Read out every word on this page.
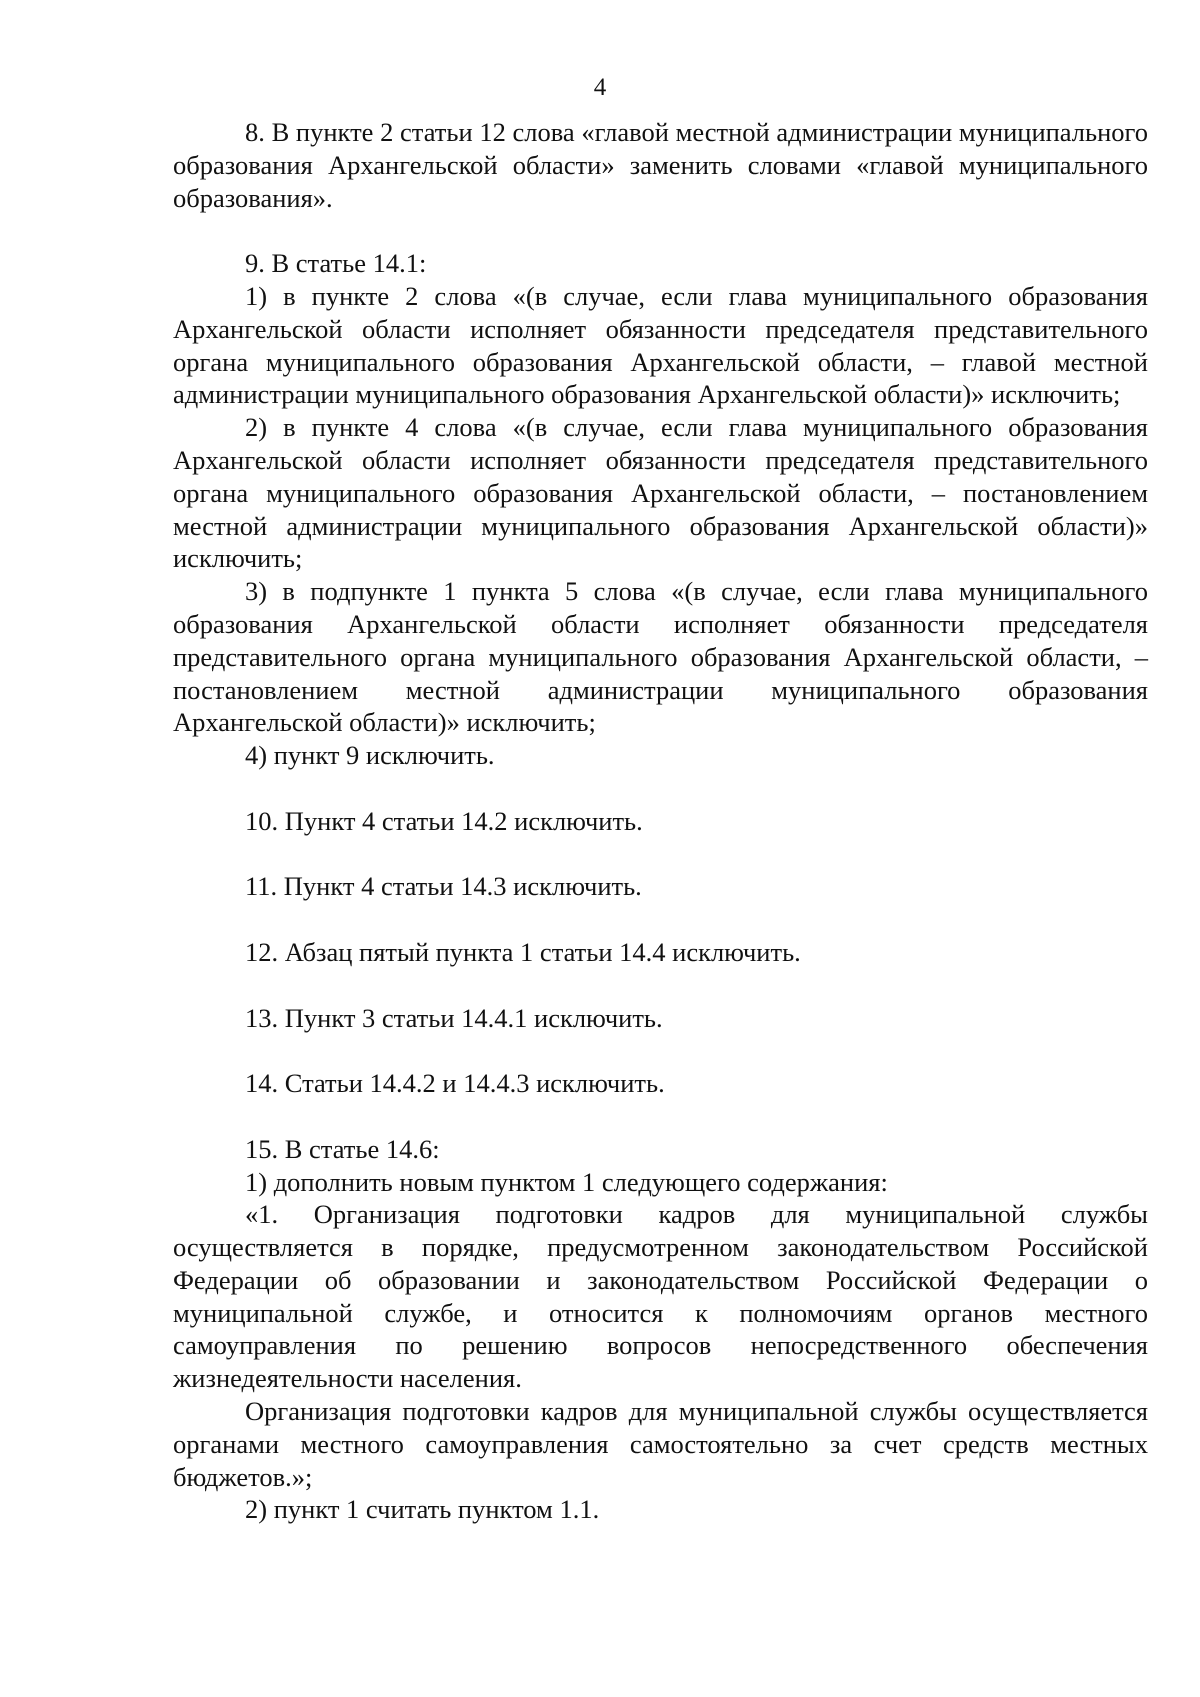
4

8. В пункте 2 статьи 12 слова «главой местной администрации муниципального образования Архангельской области» заменить словами «главой муниципального образования».

9. В статье 14.1:

1) в пункте 2 слова «(в случае, если глава муниципального образования Архангельской области исполняет обязанности председателя представительного органа муниципального образования Архангельской области, – главой местной администрации муниципального образования Архангельской области)» исключить;

2) в пункте 4 слова «(в случае, если глава муниципального образования Архангельской области исполняет обязанности председателя представительного органа муниципального образования Архангельской области, – постановлением местной администрации муниципального образования Архангельской области)» исключить;

3) в подпункте 1 пункта 5 слова «(в случае, если глава муниципального образования Архангельской области исполняет обязанности председателя представительного органа муниципального образования Архангельской области, – постановлением местной администрации муниципального образования Архангельской области)» исключить;

4) пункт 9 исключить.

10. Пункт 4 статьи 14.2 исключить.

11. Пункт 4 статьи 14.3 исключить.

12. Абзац пятый пункта 1 статьи 14.4 исключить.

13. Пункт 3 статьи 14.4.1 исключить.

14. Статьи 14.4.2 и 14.4.3 исключить.

15. В статье 14.6:

1) дополнить новым пунктом 1 следующего содержания:

«1. Организация подготовки кадров для муниципальной службы осуществляется в порядке, предусмотренном законодательством Российской Федерации об образовании и законодательством Российской Федерации о муниципальной службе, и относится к полномочиям органов местного самоуправления по решению вопросов непосредственного обеспечения жизнедеятельности населения.

Организация подготовки кадров для муниципальной службы осуществляется органами местного самоуправления самостоятельно за счет средств местных бюджетов.»;

2) пункт 1 считать пунктом 1.1.
